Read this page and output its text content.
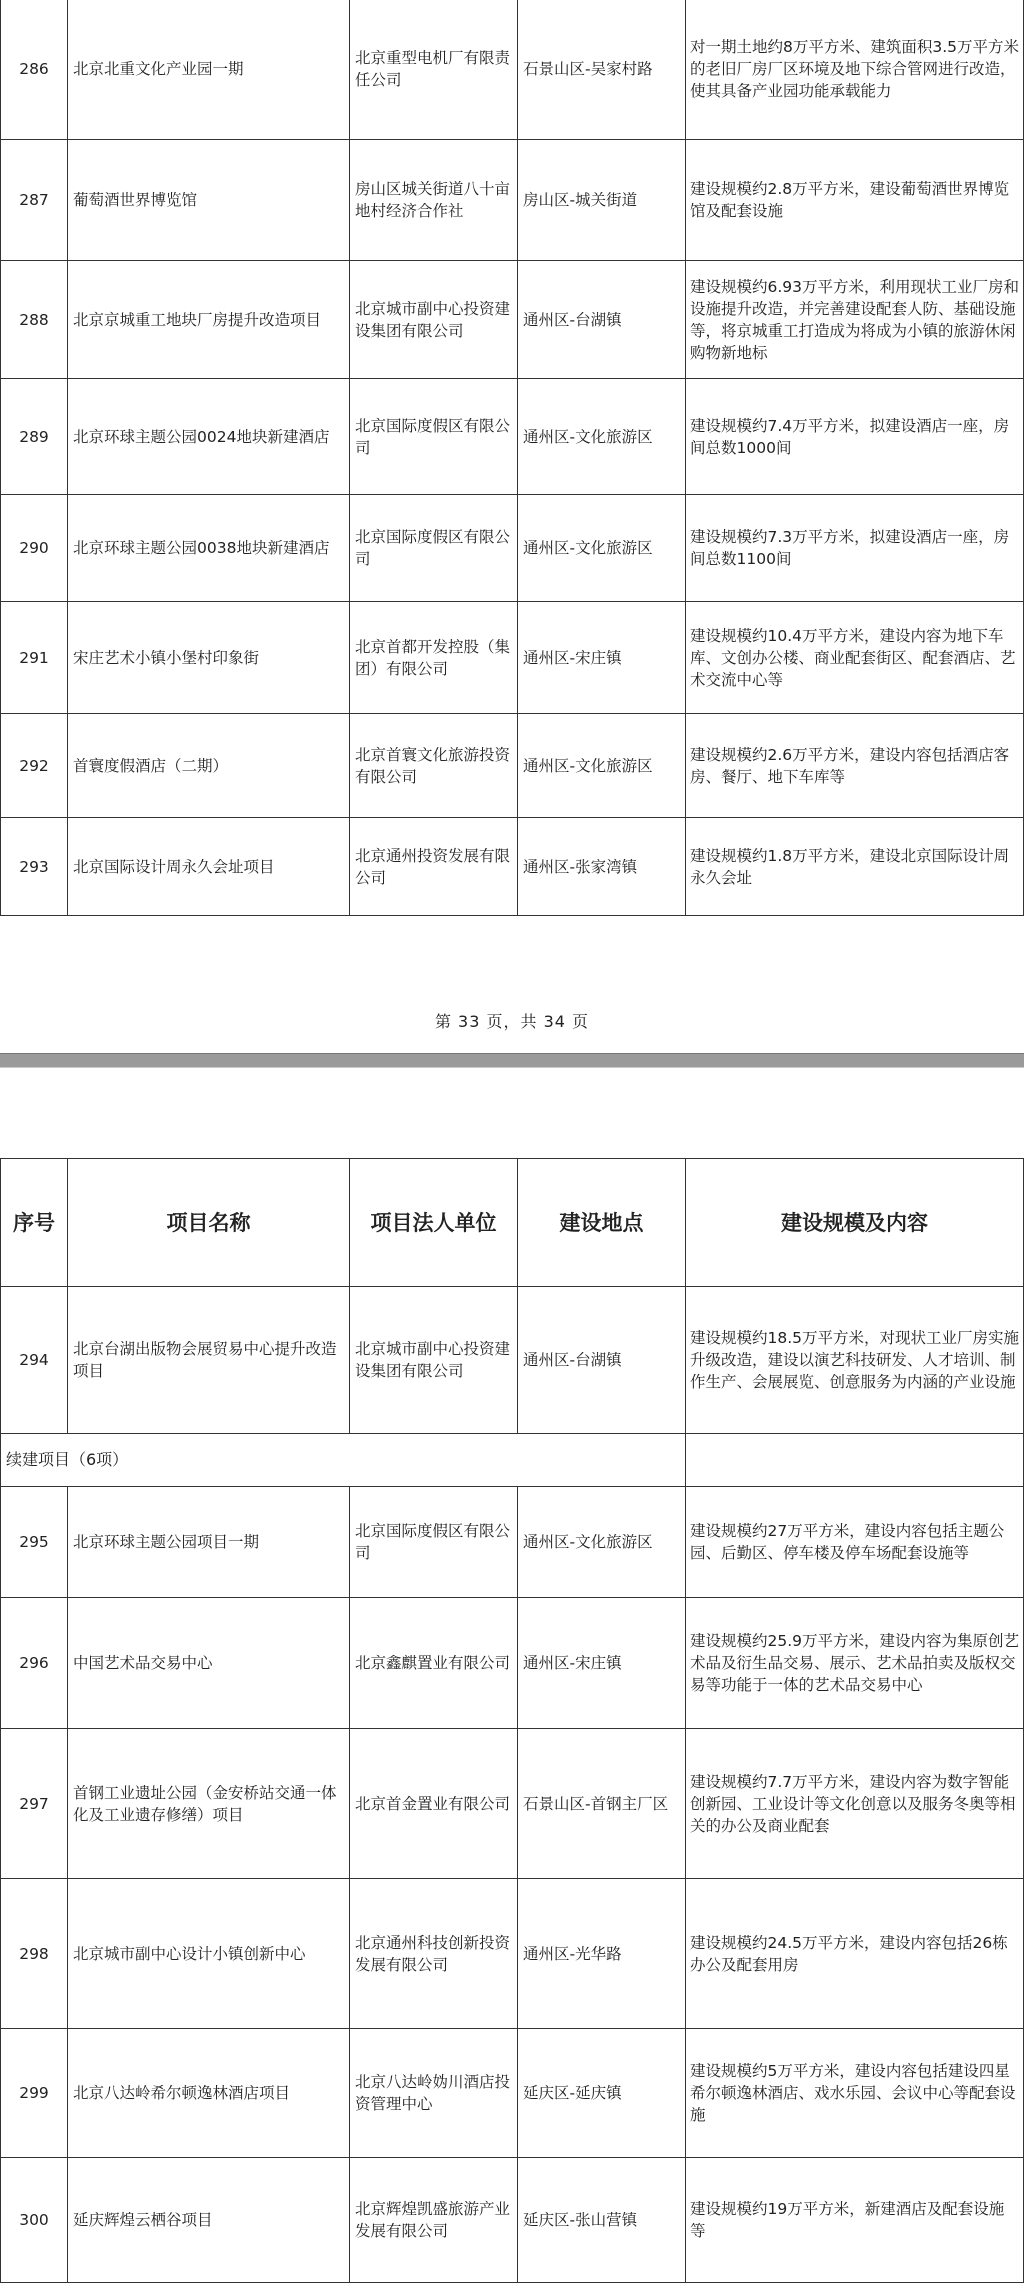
286	北京北重文化产业园一期	北京重型电机厂有限责任公司	石景山区-吴家村路	对一期土地约8万平方米、建筑面积3.5万平方米的老旧厂房厂区环境及地下综合管网进行改造，使其具备产业园功能承载能力
287	葡萄酒世界博览馆	房山区城关街道八十亩地村经济合作社	房山区-城关街道	建设规模约2.8万平方米，建设葡萄酒世界博览馆及配套设施
288	北京京城重工地块厂房提升改造项目	北京城市副中心投资建设集团有限公司	通州区-台湖镇	建设规模约6.93万平方米，利用现状工业厂房和设施提升改造，并完善建设配套人防、基础设施等，将京城重工打造成为将成为小镇的旅游休闲购物新地标
289	北京环球主题公园0024地块新建酒店	北京国际度假区有限公司	通州区-文化旅游区	建设规模约7.4万平方米，拟建设酒店一座，房间总数1000间
290	北京环球主题公园0038地块新建酒店	北京国际度假区有限公司	通州区-文化旅游区	建设规模约7.3万平方米，拟建设酒店一座，房间总数1100间
291	宋庄艺术小镇小堡村印象街	北京首都开发控股（集团）有限公司	通州区-宋庄镇	建设规模约10.4万平方米，建设内容为地下车库、文创办公楼、商业配套街区、配套酒店、艺术交流中心等
292	首寰度假酒店（二期）	北京首寰文化旅游投资有限公司	通州区-文化旅游区	建设规模约2.6万平方米，建设内容包括酒店客房、餐厅、地下车库等
293	北京国际设计周永久会址项目	北京通州投资发展有限公司	通州区-张家湾镇	建设规模约1.8万平方米，建设北京国际设计周永久会址
第 33 页，共 34 页
序号	项目名称	项目法人单位	建设地点	建设规模及内容
294	北京台湖出版物会展贸易中心提升改造项目	北京城市副中心投资建设集团有限公司	通州区-台湖镇	建设规模约18.5万平方米，对现状工业厂房实施升级改造，建设以演艺科技研发、人才培训、制作生产、会展展览、创意服务为内涵的产业设施
续建项目（6项）				
295	北京环球主题公园项目一期	北京国际度假区有限公司	通州区-文化旅游区	建设规模约27万平方米，建设内容包括主题公园、后勤区、停车楼及停车场配套设施等
296	中国艺术品交易中心	北京鑫麒置业有限公司	通州区-宋庄镇	建设规模约25.9万平方米，建设内容为集原创艺术品及衍生品交易、展示、艺术品拍卖及版权交易等功能于一体的艺术品交易中心
297	首钢工业遗址公园（金安桥站交通一体化及工业遗存修缮）项目	北京首金置业有限公司	石景山区-首钢主厂区	建设规模约7.7万平方米，建设内容为数字智能创新园、工业设计等文化创意以及服务冬奥等相关的办公及商业配套
298	北京城市副中心设计小镇创新中心	北京通州科技创新投资发展有限公司	通州区-光华路	建设规模约24.5万平方米，建设内容包括26栋办公及配套用房
299	北京八达岭希尔顿逸林酒店项目	北京八达岭妫川酒店投资管理中心	延庆区-延庆镇	建设规模约5万平方米，建设内容包括建设四星希尔顿逸林酒店、戏水乐园、会议中心等配套设施
300	延庆辉煌云栖谷项目	北京辉煌凯盛旅游产业发展有限公司	延庆区-张山营镇	建设规模约19万平方米，新建酒店及配套设施等
